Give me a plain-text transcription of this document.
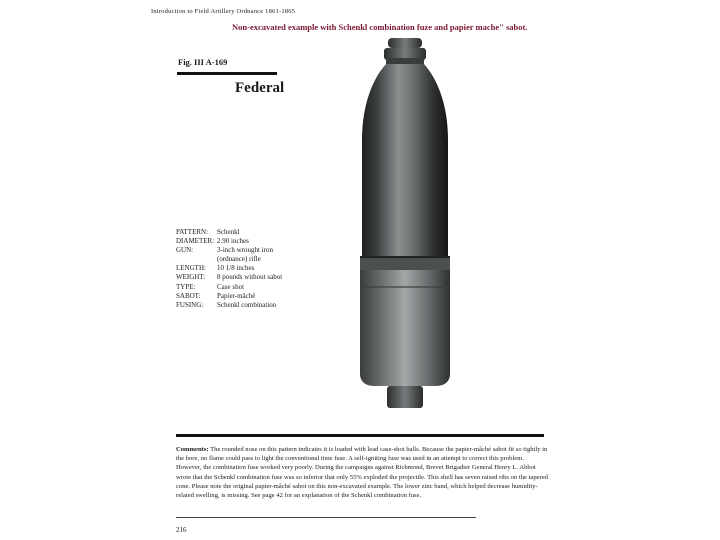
Introduction to Field Artillery Ordnance 1861-1865
Non-excavated example with Schenkl combination fuze and papier mache" sabot.
Fig. III A-169
Federal
PATTERN:	Schenkl
DIAMETER: 2.90 inches
GUN:	3-inch wrought iron (ordnance) rifle
LENGTH:	10 1/8 inches
WEIGHT:	8 pounds without sabot
TYPE:	Case shot
SABOT:	Papier-mâché
FUSING:	Schenkl combination
Comments: The rounded nose on this pattern indicates it is loaded with lead case-shot balls. Because the papier-mâché sabot fit so tightly in the bore, no flame could pass to light the conventional time fuse. A self-igniting fuse was used in an attempt to correct this problem. However, the combination fuse worked very poorly. During the campaigns against Richmond, Brevet Brigadier General Henry L. Abbot wrote that the Schenkl combination fuse was so inferior that only 55% exploded the projectile. This shell has seven raised ribs on the tapered cone. Please note the original papier-mâché sabot on this non-excavated example. The lower zinc band, which helped decrease humidity-related swelling, is missing. See page 42 for an explanation of the Schenkl combination fuse.
216
